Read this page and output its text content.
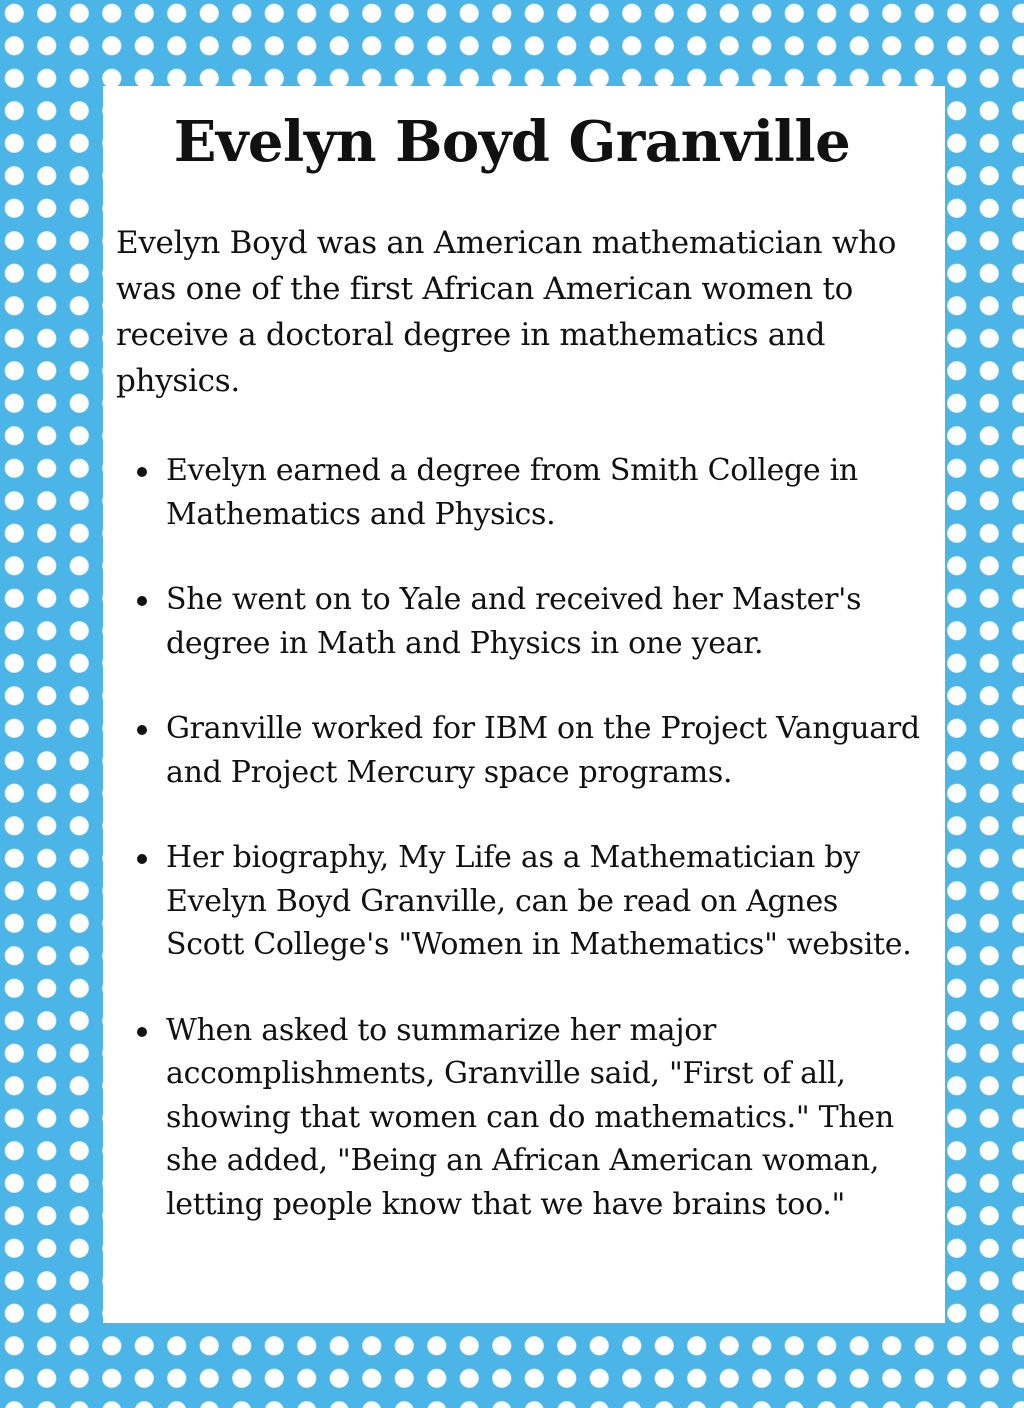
Evelyn Boyd Granville

Evelyn Boyd was an American mathematician who was one of the first African American women to receive a doctoral degree in mathematics and physics.

Evelyn earned a degree from Smith College in Mathematics and Physics.
She went on to Yale and received her Master's degree in Math and Physics in one year.
Granville worked for IBM on the Project Vanguard and Project Mercury space programs.
Her biography, My Life as a Mathematician by Evelyn Boyd Granville, can be read on Agnes Scott College's "Women in Mathematics" website.
When asked to summarize her major accomplishments, Granville said, "First of all, showing that women can do mathematics." Then she added, "Being an African American woman, letting people know that we have brains too."
